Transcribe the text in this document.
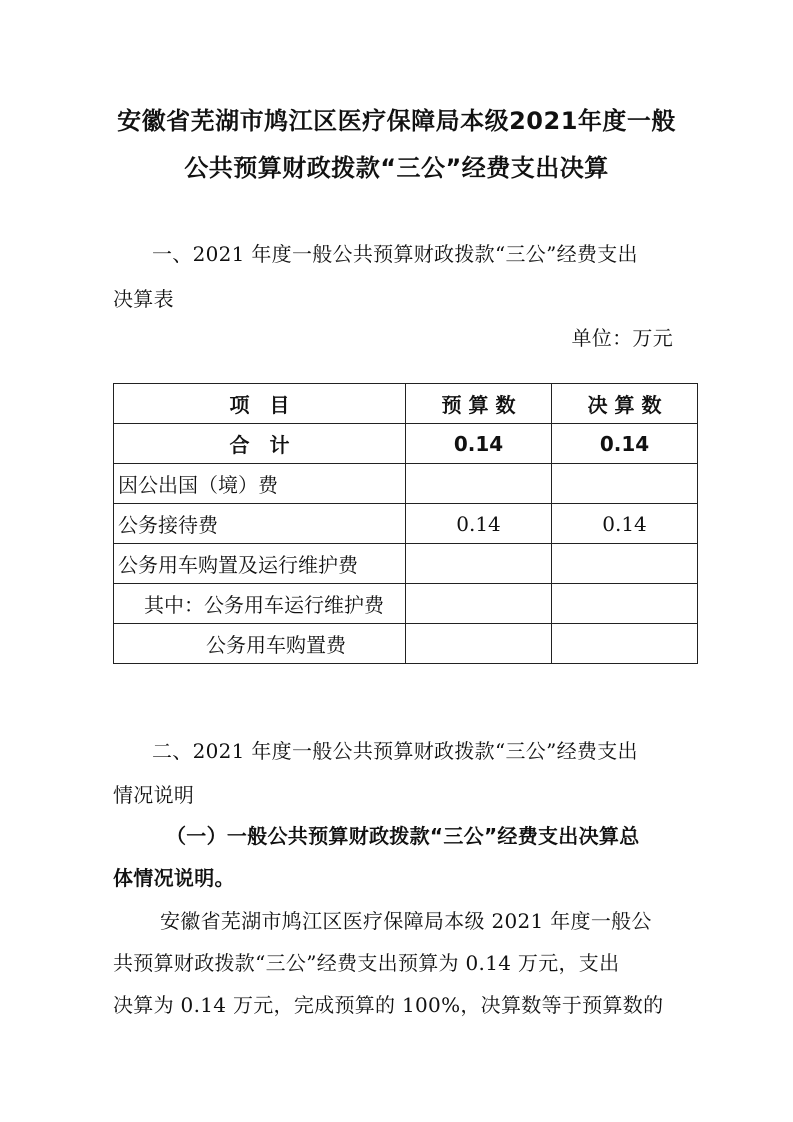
安徽省芜湖市鸠江区医疗保障局本级2021年度一般
公共预算财政拨款“三公”经费支出决算
一、2021 年度一般公共预算财政拨款“三公”经费支出
决算表
单位：万元
项　目	预 算 数	决 算 数
合　计	0.14	0.14
因公出国（境）费		
公务接待费	0.14	0.14
公务用车购置及运行维护费		
其中：公务用车运行维护费		
公务用车购置费		
二、2021 年度一般公共预算财政拨款“三公”经费支出
情况说明
（一）一般公共预算财政拨款“三公”经费支出决算总
体情况说明。
安徽省芜湖市鸠江区医疗保障局本级 2021 年度一般公
共预算财政拨款“三公”经费支出预算为 0.14 万元，支出
决算为 0.14 万元，完成预算的 100%，决算数等于预算数的
